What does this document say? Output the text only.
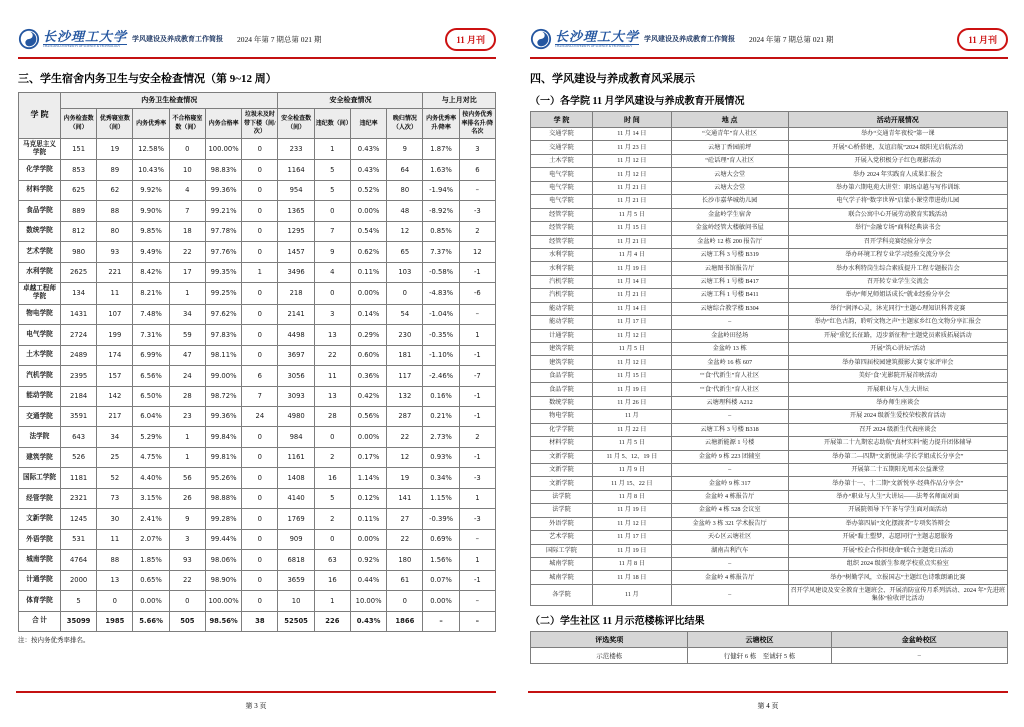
长沙理工大学
CHANGSHA UNIVERSITY OF SCIENCE & TECHNOLOGY
学风建设及养成教育工作简报 2024 年第 7 期总第 021 期	11 月刊
三、学生宿舍内务卫生与安全检查情况（第 9~12 周）
学 院	内务卫生检查情况						安全检查情况				与上月对比	
	内务检查数（间）	优秀寝室数（间）	内务优秀率	不合格寝室数（间）	内务合格率	垃圾未及时带下楼（间/次）	安全检查数（间）	违纪数（间）	违纪率	晚归情况（人次）	内务优秀率升/降率	按内务优秀率排名升/降名次
马克思主义学院	151	19	12.58%	0	100.00%	0	233	1	0.43%	9	1.87%	3
化学学院	853	89	10.43%	10	98.83%	0	1164	5	0.43%	64	1.63%	6
材料学院	625	62	9.92%	4	99.36%	0	954	5	0.52%	80	-1.94%	–
食品学院	889	88	9.90%	7	99.21%	0	1365	0	0.00%	48	-8.92%	-3
数统学院	812	80	9.85%	18	97.78%	0	1295	7	0.54%	12	0.85%	2
艺术学院	980	93	9.49%	22	97.76%	0	1457	9	0.62%	65	7.37%	12
水利学院	2625	221	8.42%	17	99.35%	1	3496	4	0.11%	103	-0.58%	-1
卓越工程师学院	134	11	8.21%	1	99.25%	0	218	0	0.00%	0	-4.83%	-6
物电学院	1431	107	7.48%	34	97.62%	0	2141	3	0.14%	54	-1.04%	–
电气学院	2724	199	7.31%	59	97.83%	0	4498	13	0.29%	230	-0.35%	1
土木学院	2489	174	6.99%	47	98.11%	0	3697	22	0.60%	181	-1.10%	-1
汽机学院	2395	157	6.56%	24	99.00%	6	3056	11	0.36%	117	-2.46%	-7
能动学院	2184	142	6.50%	28	98.72%	7	3093	13	0.42%	132	0.16%	-1
交通学院	3591	217	6.04%	23	99.36%	24	4980	28	0.56%	287	0.21%	-1
法学院	643	34	5.29%	1	99.84%	0	984	0	0.00%	22	2.73%	2
建筑学院	526	25	4.75%	1	99.81%	0	1161	2	0.17%	12	0.93%	-1
国际工学院	1181	52	4.40%	56	95.26%	0	1408	16	1.14%	19	0.34%	-3
经管学院	2321	73	3.15%	26	98.88%	0	4140	5	0.12%	141	1.15%	1
文新学院	1245	30	2.41%	9	99.28%	0	1769	2	0.11%	27	-0.39%	-3
外语学院	531	11	2.07%	3	99.44%	0	909	0	0.00%	22	0.69%	–
城南学院	4764	88	1.85%	93	98.06%	0	6818	63	0.92%	180	1.56%	1
计通学院	2000	13	0.65%	22	98.90%	0	3659	16	0.44%	61	0.07%	-1
体育学院	5	0	0.00%	0	100.00%	0	10	1	10.00%	0	0.00%	–
合 计	35099	1985	5.66%	505	98.56%	38	52505	226	0.43%	1866	–	–
注：按内务优秀率排名。
第 3 页
长沙理工大学
CHANGSHA UNIVERSITY OF SCIENCE & TECHNOLOGY
学风建设及养成教育工作简报 2024 年第 7 期总第 021 期	11 月刊
四、学风建设与养成教育风采展示
（一）各学院 11 月学风建设与养成教育开展情况
学 院	时 间	地 点	活动开展情况
交通学院	11 月 14 日	“交通青年”育人社区	举办“交通青年夜校”第一课
交通学院	11 月 23 日	云塘丁香园前坪	开展“心桥搭建，友谊启航”2024 级阳光启航活动
土木学院	11 月 12 日	“砼话理”育人社区	开展入党积极分子红色观影活动
电气学院	11 月 12 日	云塘大会堂	举办 2024 年实践育人成果汇报会
电气学院	11 月 21 日	云塘大会堂	举办第六期电苑大讲堂：职场卓越与写作训练
电气学院	11 月 21 日	长沙市嘉华城幼儿园	电气学子将“数字世界”启蒙小课堂带进幼儿园
经管学院	11 月 5 日	金盆岭学生宿舍	联合公寓中心开展劳动教育实践活动
经管学院	11 月 15 日	金盆岭经管大楼敏问书屋	举行“金融专场”商科经典读书会
经管学院	11 月 21 日	金盆岭 12 栋 200 报告厅	召开学科竞赛经验分享会
水利学院	11 月 4 日	云塘工科 3 号楼 B319	举办环境工程专业学习经验交流分享会
水利学院	11 月 19 日	云塘图书馆报告厅	举办水利特岗生综合素质提升工程专题报告会
汽机学院	11 月 14 日	云塘工科 1 号楼 B417	召开转专业学生交流会
汽机学院	11 月 21 日	云塘工科 1 号楼 B411	举办“师兄师姐话成长”就业经验分享会
能动学院	11 月 14 日	云塘综合教学楼 B304	举行“润泽心灵，沐光同行”主题心理知识科普竞赛
能动学院	11 月 17 日	–	举办“红色古韵，聆听文物之声”主题家乡红色文物分享汇报会
计通学院	11 月 12 日	金盆岭田径场	开展“重忆长征路，迈步新征程”主题党员素质拓展活动
建筑学院	11 月 5 日	金盆岭 13 栋	开展“筑心讲坛”活动
建筑学院	11 月 12 日	金盆岭 16 栋 607	举办第四届校园建筑摄影大赛专家评审会
食品学院	11 月 15 日	“‘食’代新生”育人社区	美好‘食’光影院开展首映活动
食品学院	11 月 19 日	“‘食’代新生”育人社区	开展职业与人生大讲坛
数统学院	11 月 26 日	云塘理科楼 A212	举办师生座谈会
物电学院	11 月	–	开展 2024 级新生爱校荣校教育活动
化学学院	11 月 22 日	云塘工科 3 号楼 B318	召开 2024 级新生代表座谈会
材料学院	11 月 5 日	云塘新能源 1 号楼	开展第二十九期宏志助航“真材实料”能力提升团体辅导
文新学院	11 月 5、12、19 日	金盆岭 9 栋 223 团辅室	举办第二—四期“文新悦读·学长学姐成长分享会”
文新学院	11 月 9 日	–	开展第二十五期阳光周末公益课堂
文新学院	11 月 15、22 日	金盆岭 9 栋 317	举办第十一、十二期“文新悦享·经典作品分享会”
法学院	11 月 8 日	金盆岭 4 栋报告厅	举办“职业与人生”大讲坛——法考名师面对面
法学院	11 月 19 日	金盆岭 4 栋 528 会议室	开展院领导下午茶与学生面对面活动
外语学院	11 月 12 日	金盆岭 3 栋 321 学术报告厅	举办第四届“文化摆渡者”专项奖答辩会
艺术学院	11 月 17 日	天心区云塘社区	开展“黏土塑梦，志愿同行”主题志愿服务
国际工学院	11 月 19 日	湖南吉利汽车	开展“校企合作担使命”联合主题党日活动
城南学院	11 月 8 日	–	组织 2024 级新生参观学校重点实验室
城南学院	11 月 18 日	金盆岭 4 栋报告厅	举办“树勤学风，立报国志”主题红色诗歌朗诵比赛
各学院	11 月	–	召开学风建设及安全教育主题班会、开展消防宣传月系列活动、2024 年“先进班集体”验收评比活动
（二）学生社区 11 月示范楼栋评比结果
评选奖项	云塘校区	金盆岭校区
示范楼栋	行健轩 6 栋　至诚轩 5 栋	–
第 4 页
